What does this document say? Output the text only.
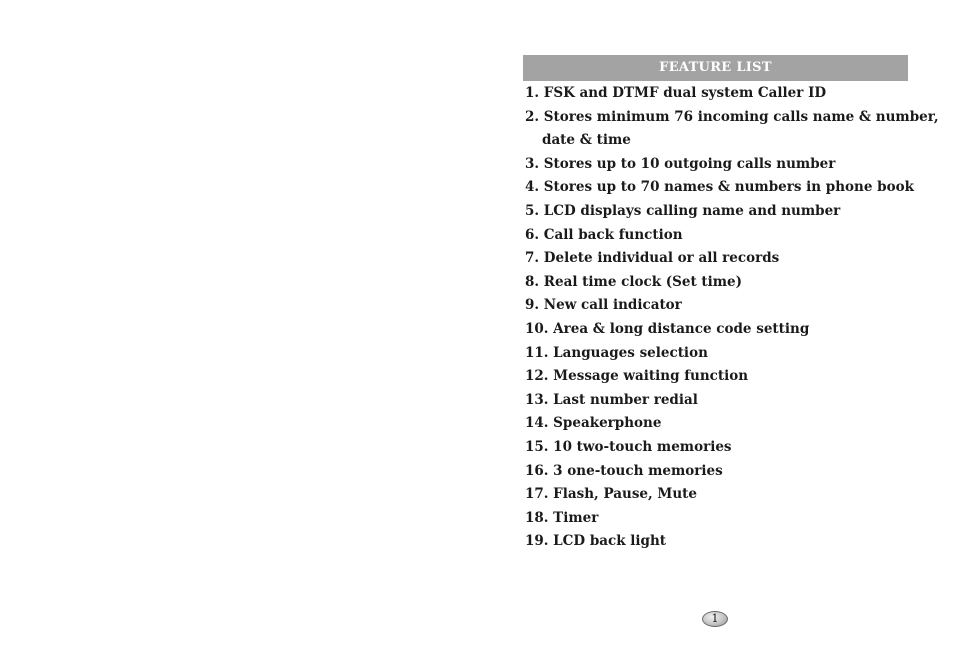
FEATURE LIST
1. FSK and DTMF dual system Caller ID
2. Stores minimum 76 incoming calls name & number,
date & time
3. Stores up to 10 outgoing calls number
4. Stores up to 70 names & numbers in phone book
5. LCD displays calling name and number
6. Call back function
7. Delete individual or all records
8. Real time clock (Set time)
9. New call indicator
10. Area & long distance code setting
11. Languages selection
12. Message waiting function
13. Last number redial
14. Speakerphone
15. 10 two-touch memories
16. 3 one-touch memories
17. Flash, Pause, Mute
18. Timer
19. LCD back light
1
